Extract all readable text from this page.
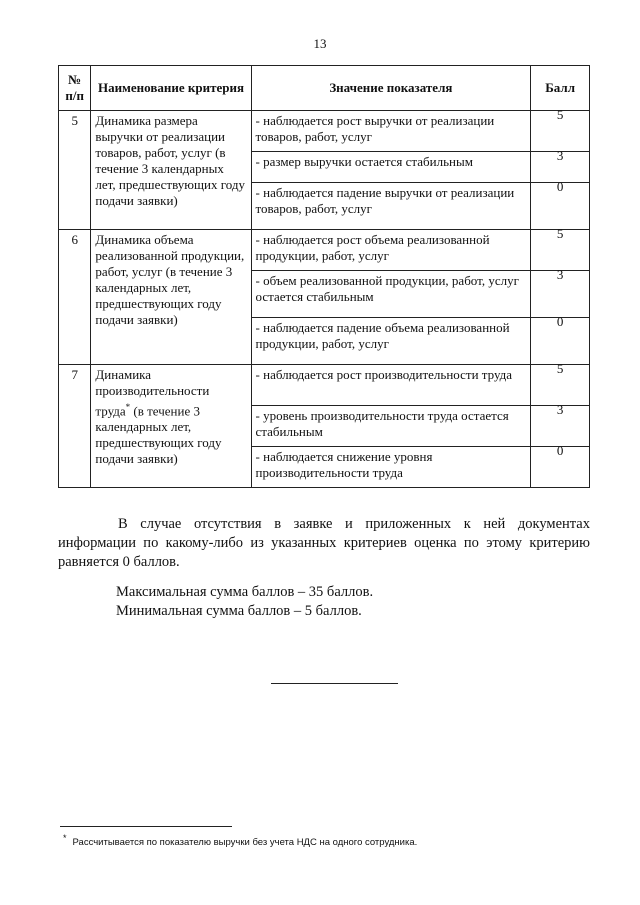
13
№ п/п	Наименование критерия	Значение показателя	Балл
5	Динамика размера выручки от реализации товаров, работ, услуг (в течение 3 календарных лет, предшествующих году подачи заявки)	- наблюдается рост выручки от реализации товаров, работ, услуг	5
		- размер выручки остается стабильным	3
		- наблюдается падение выручки от реализации товаров, работ, услуг	0
6	Динамика объема реализованной продукции, работ, услуг (в течение 3 календарных лет, предшествующих году подачи заявки)	- наблюдается рост объема реализованной продукции, работ, услуг	5
		- объем реализованной продукции, работ, услуг остается стабильным	3
		- наблюдается падение объема реализованной продукции, работ, услуг	0
7	Динамика производительности труда* (в течение 3 календарных лет, предшествующих году подачи заявки)	- наблюдается рост производительности труда	5
		- уровень производительности труда остается стабильным	3
		- наблюдается снижение уровня производительности труда	0
В случае отсутствия в заявке и приложенных к ней документах информации по какому-либо из указанных критериев оценка по этому критерию равняется 0 баллов.
Максимальная сумма баллов – 35 баллов.
Минимальная сумма баллов – 5 баллов.
* Рассчитывается по показателю выручки без учета НДС на одного сотрудника.
